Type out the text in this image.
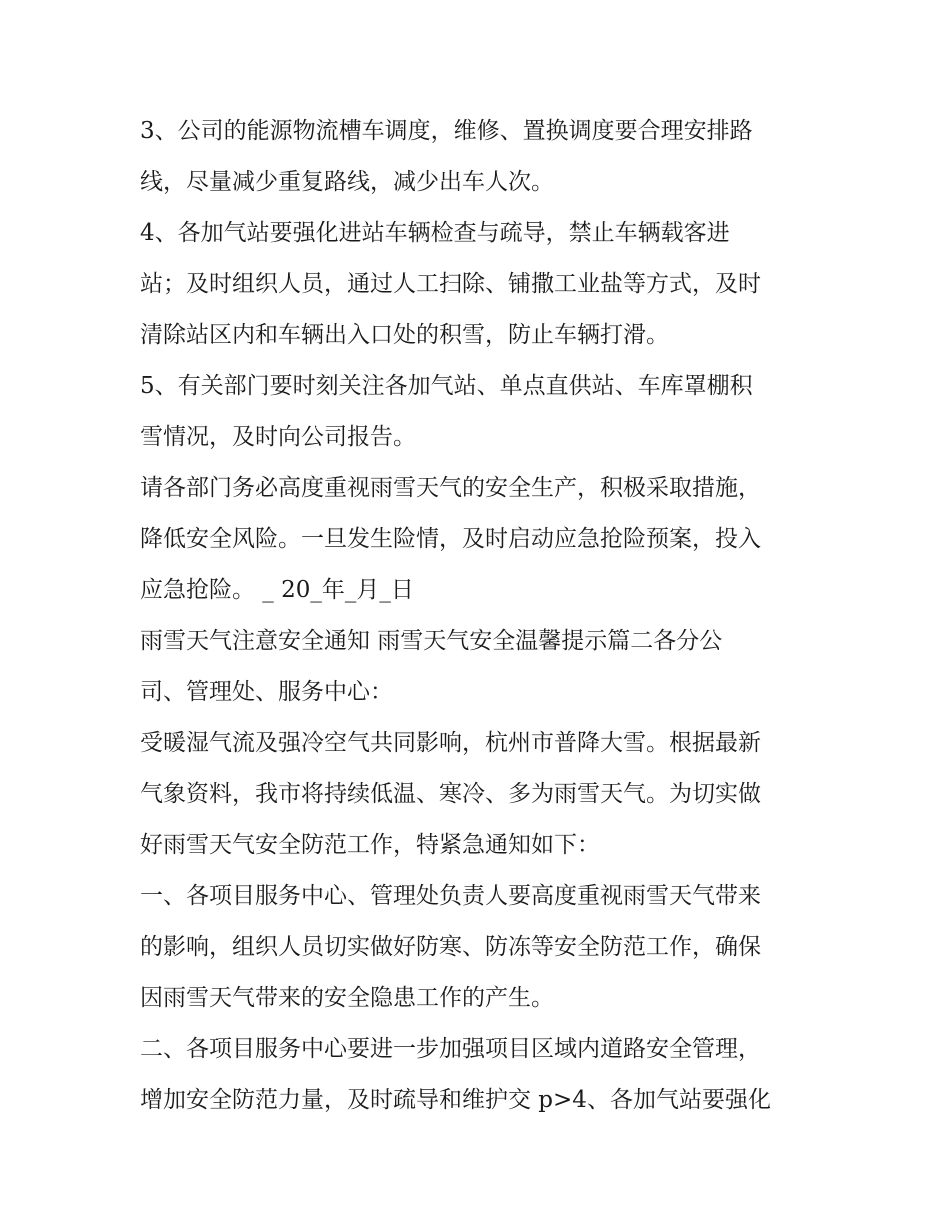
3、公司的能源物流槽车调度，维修、置换调度要合理安排路
线，尽量减少重复路线，减少出车人次。
4、各加气站要强化进站车辆检查与疏导，禁止车辆载客进
站；及时组织人员，通过人工扫除、铺撒工业盐等方式，及时
清除站区内和车辆出入口处的积雪，防止车辆打滑。
5、有关部门要时刻关注各加气站、单点直供站、车库罩棚积
雪情况，及时向公司报告。
请各部门务必高度重视雨雪天气的安全生产，积极采取措施，
降低安全风险。一旦发生险情，及时启动应急抢险预案，投入
应急抢险。 _ 20_年_月_日
雨雪天气注意安全通知 雨雪天气安全温馨提示篇二各分公
司、管理处、服务中心：
受暖湿气流及强冷空气共同影响，杭州市普降大雪。根据最新
气象资料，我市将持续低温、寒冷、多为雨雪天气。为切实做
好雨雪天气安全防范工作，特紧急通知如下：
一、各项目服务中心、管理处负责人要高度重视雨雪天气带来
的影响，组织人员切实做好防寒、防冻等安全防范工作，确保
因雨雪天气带来的安全隐患工作的产生。
二、各项目服务中心要进一步加强项目区域内道路安全管理，
增加安全防范力量，及时疏导和维护交 p>4、各加气站要强化
